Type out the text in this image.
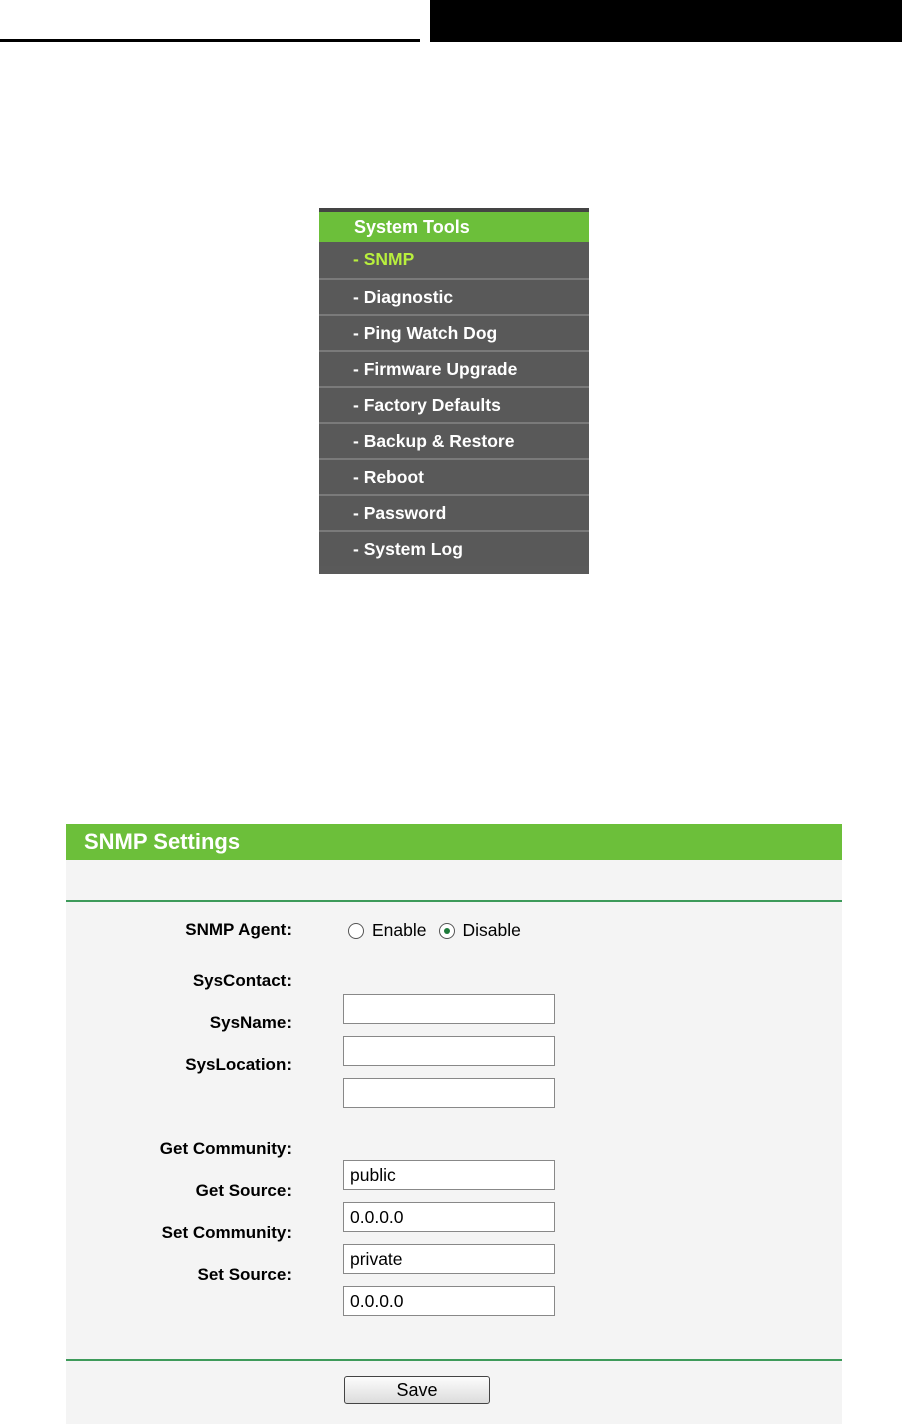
System Tools
- SNMP
- Diagnostic
- Ping Watch Dog
- Firmware Upgrade
- Factory Defaults
- Backup & Restore
- Reboot
- Password
- System Log
SNMP Settings
SNMP Agent:	Enable Disable
SysContact:
SysName:
SysLocation:
Get Community:
public
Get Source:
0.0.0.0
Set Community:
private
Set Source:
0.0.0.0
Save
